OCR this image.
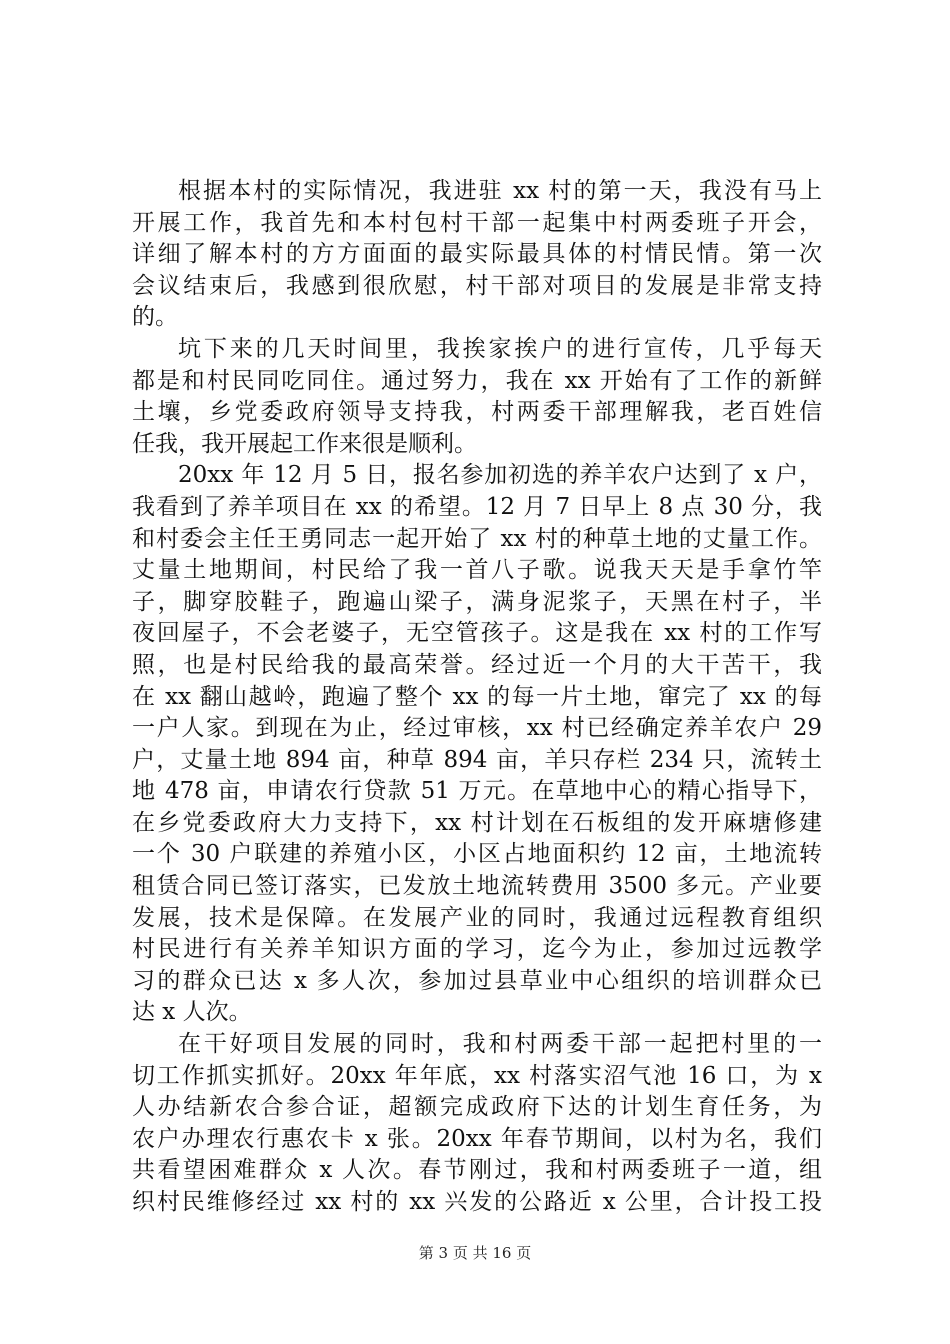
根据本村的实际情况，我进驻 xx 村的第一天，我没有马上
开展工作，我首先和本村包村干部一起集中村两委班子开会，
详细了解本村的方方面面的最实际最具体的村情民情。第一次
会议结束后，我感到很欣慰，村干部对项目的发展是非常支持
的。
坑下来的几天时间里，我挨家挨户的进行宣传，几乎每天
都是和村民同吃同住。通过努力，我在 xx 开始有了工作的新鲜
土壤，乡党委政府领导支持我，村两委干部理解我，老百姓信
任我，我开展起工作来很是顺利。
20xx 年 12 月 5 日，报名参加初选的养羊农户达到了 x 户，
我看到了养羊项目在 xx 的希望。12 月 7 日早上 8 点 30 分，我
和村委会主任王勇同志一起开始了 xx 村的种草土地的丈量工作。
丈量土地期间，村民给了我一首八子歌。说我天天是手拿竹竿
子，脚穿胶鞋子，跑遍山梁子，满身泥浆子，天黑在村子，半
夜回屋子，不会老婆子，无空管孩子。这是我在 xx 村的工作写
照，也是村民给我的最高荣誉。经过近一个月的大干苦干，我
在 xx 翻山越岭，跑遍了整个 xx 的每一片土地，窜完了 xx 的每
一户人家。到现在为止，经过审核，xx 村已经确定养羊农户 29
户，丈量土地 894 亩，种草 894 亩，羊只存栏 234 只，流转土
地 478 亩，申请农行贷款 51 万元。在草地中心的精心指导下，
在乡党委政府大力支持下，xx 村计划在石板组的发开麻塘修建
一个 30 户联建的养殖小区，小区占地面积约 12 亩，土地流转
租赁合同已签订落实，已发放土地流转费用 3500 多元。产业要
发展，技术是保障。在发展产业的同时，我通过远程教育组织
村民进行有关养羊知识方面的学习，迄今为止，参加过远教学
习的群众已达 x 多人次，参加过县草业中心组织的培训群众已
达 x 人次。
在干好项目发展的同时，我和村两委干部一起把村里的一
切工作抓实抓好。20xx 年年底，xx 村落实沼气池 16 口，为 x
人办结新农合参合证，超额完成政府下达的计划生育任务，为
农户办理农行惠农卡 x 张。20xx 年春节期间，以村为名，我们
共看望困难群众 x 人次。春节刚过，我和村两委班子一道，组
织村民维修经过 xx 村的 xx 兴发的公路近 x 公里，合计投工投
第 3 页 共 16 页
